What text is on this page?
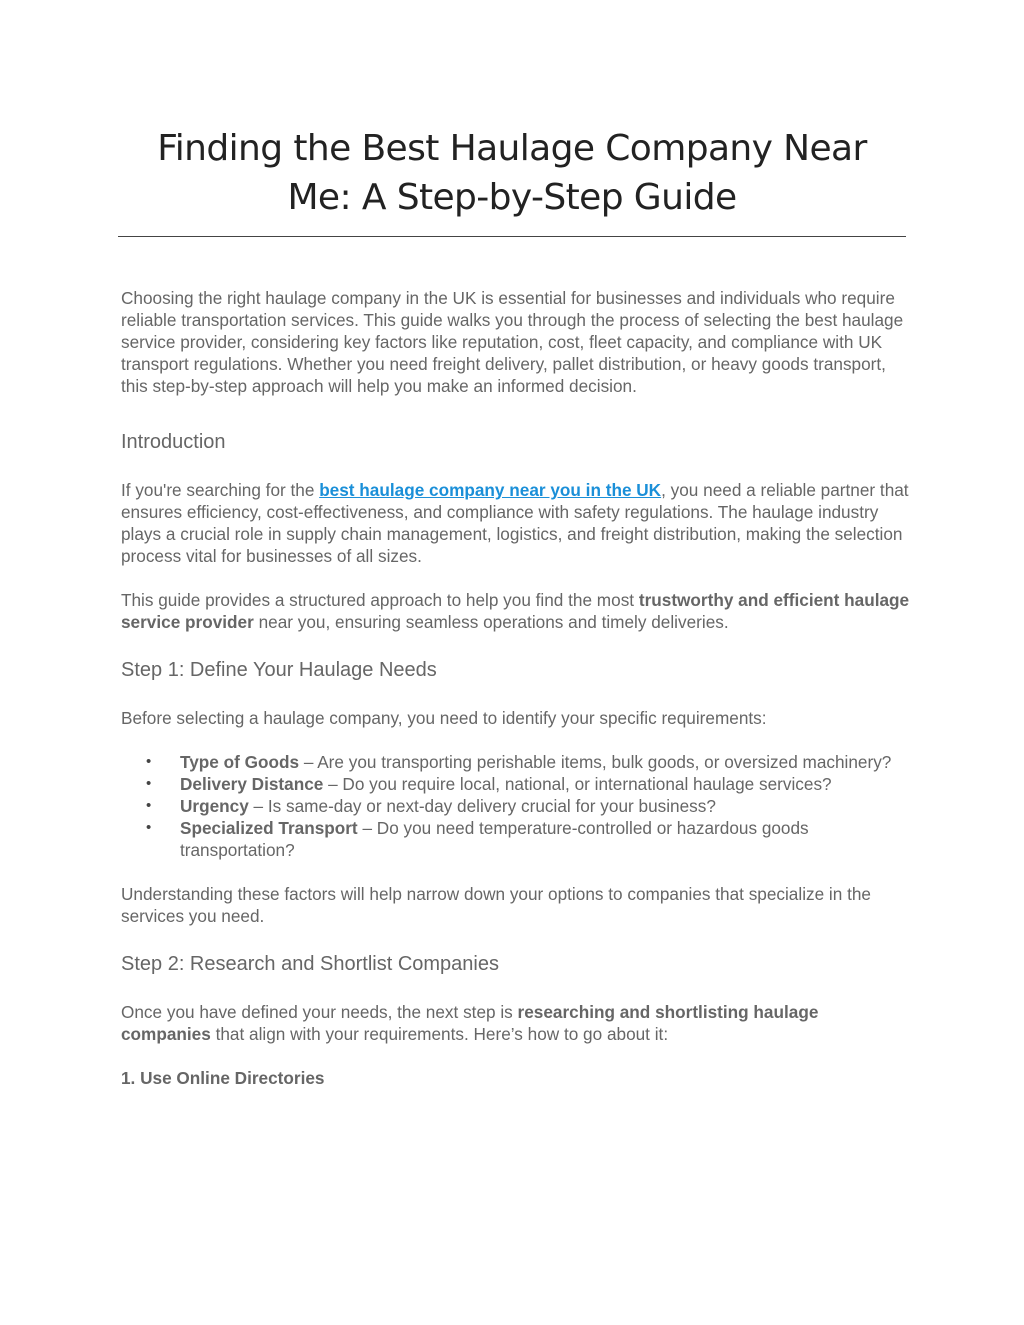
Finding the Best Haulage Company Near
Me: A Step-by-Step Guide

Choosing the right haulage company in the UK is essential for businesses and individuals who require reliable transportation services. This guide walks you through the process of selecting the best haulage service provider, considering key factors like reputation, cost, fleet capacity, and compliance with UK transport regulations. Whether you need freight delivery, pallet distribution, or heavy goods transport, this step-by-step approach will help you make an informed decision.

Introduction

If you're searching for the best haulage company near you in the UK, you need a reliable partner that ensures efficiency, cost-effectiveness, and compliance with safety regulations. The haulage industry plays a crucial role in supply chain management, logistics, and freight distribution, making the selection process vital for businesses of all sizes.

This guide provides a structured approach to help you find the most trustworthy and efficient haulage service provider near you, ensuring seamless operations and timely deliveries.

Step 1: Define Your Haulage Needs

Before selecting a haulage company, you need to identify your specific requirements:

• Type of Goods – Are you transporting perishable items, bulk goods, or oversized machinery?
• Delivery Distance – Do you require local, national, or international haulage services?
• Urgency – Is same-day or next-day delivery crucial for your business?
• Specialized Transport – Do you need temperature-controlled or hazardous goods transportation?

Understanding these factors will help narrow down your options to companies that specialize in the services you need.

Step 2: Research and Shortlist Companies

Once you have defined your needs, the next step is researching and shortlisting haulage companies that align with your requirements. Here’s how to go about it:

1. Use Online Directories
